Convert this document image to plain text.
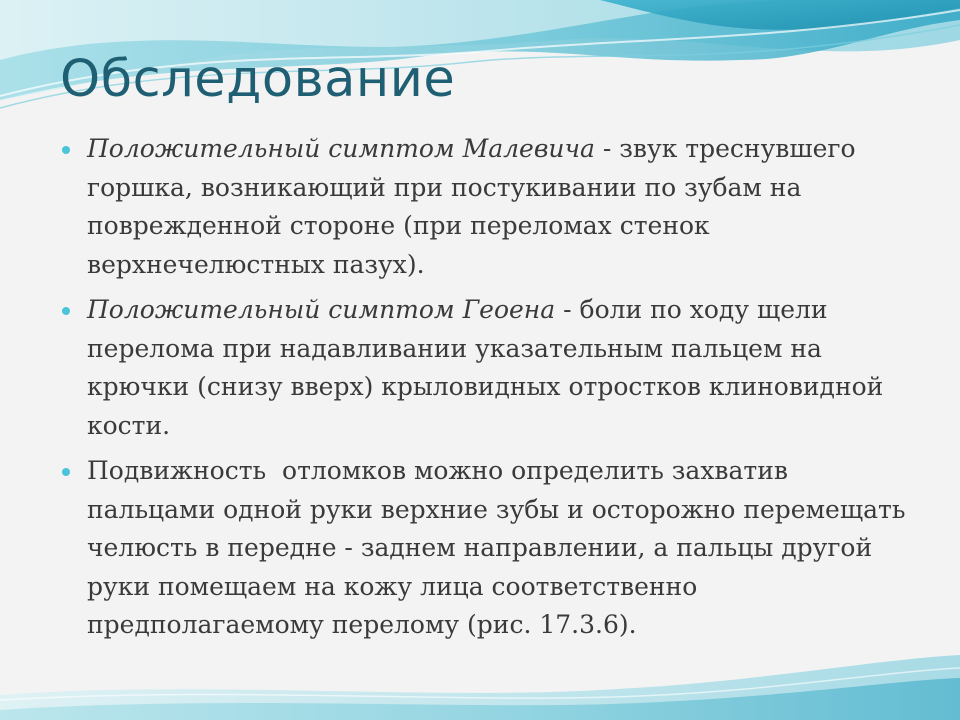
Обследование
Положительный симптом Малевича - звук треснувшего горшка, возникающий при постукивании по зубам на поврежденной стороне (при переломах стенок верхнечелюстных пазух).
Положительный симптом Геоена - боли по ходу щели перелома при надавливании указательным пальцем на крючки (снизу вверх) крыловидных отростков клиновидной кости.
Подвижность  отломков можно определить захватив пальцами одной руки верхние зубы и осторожно перемещать челюсть в передне - заднем направлении, а пальцы другой руки помещаем на кожу лица соответственно предполагаемому перелому (рис. 17.3.6).
